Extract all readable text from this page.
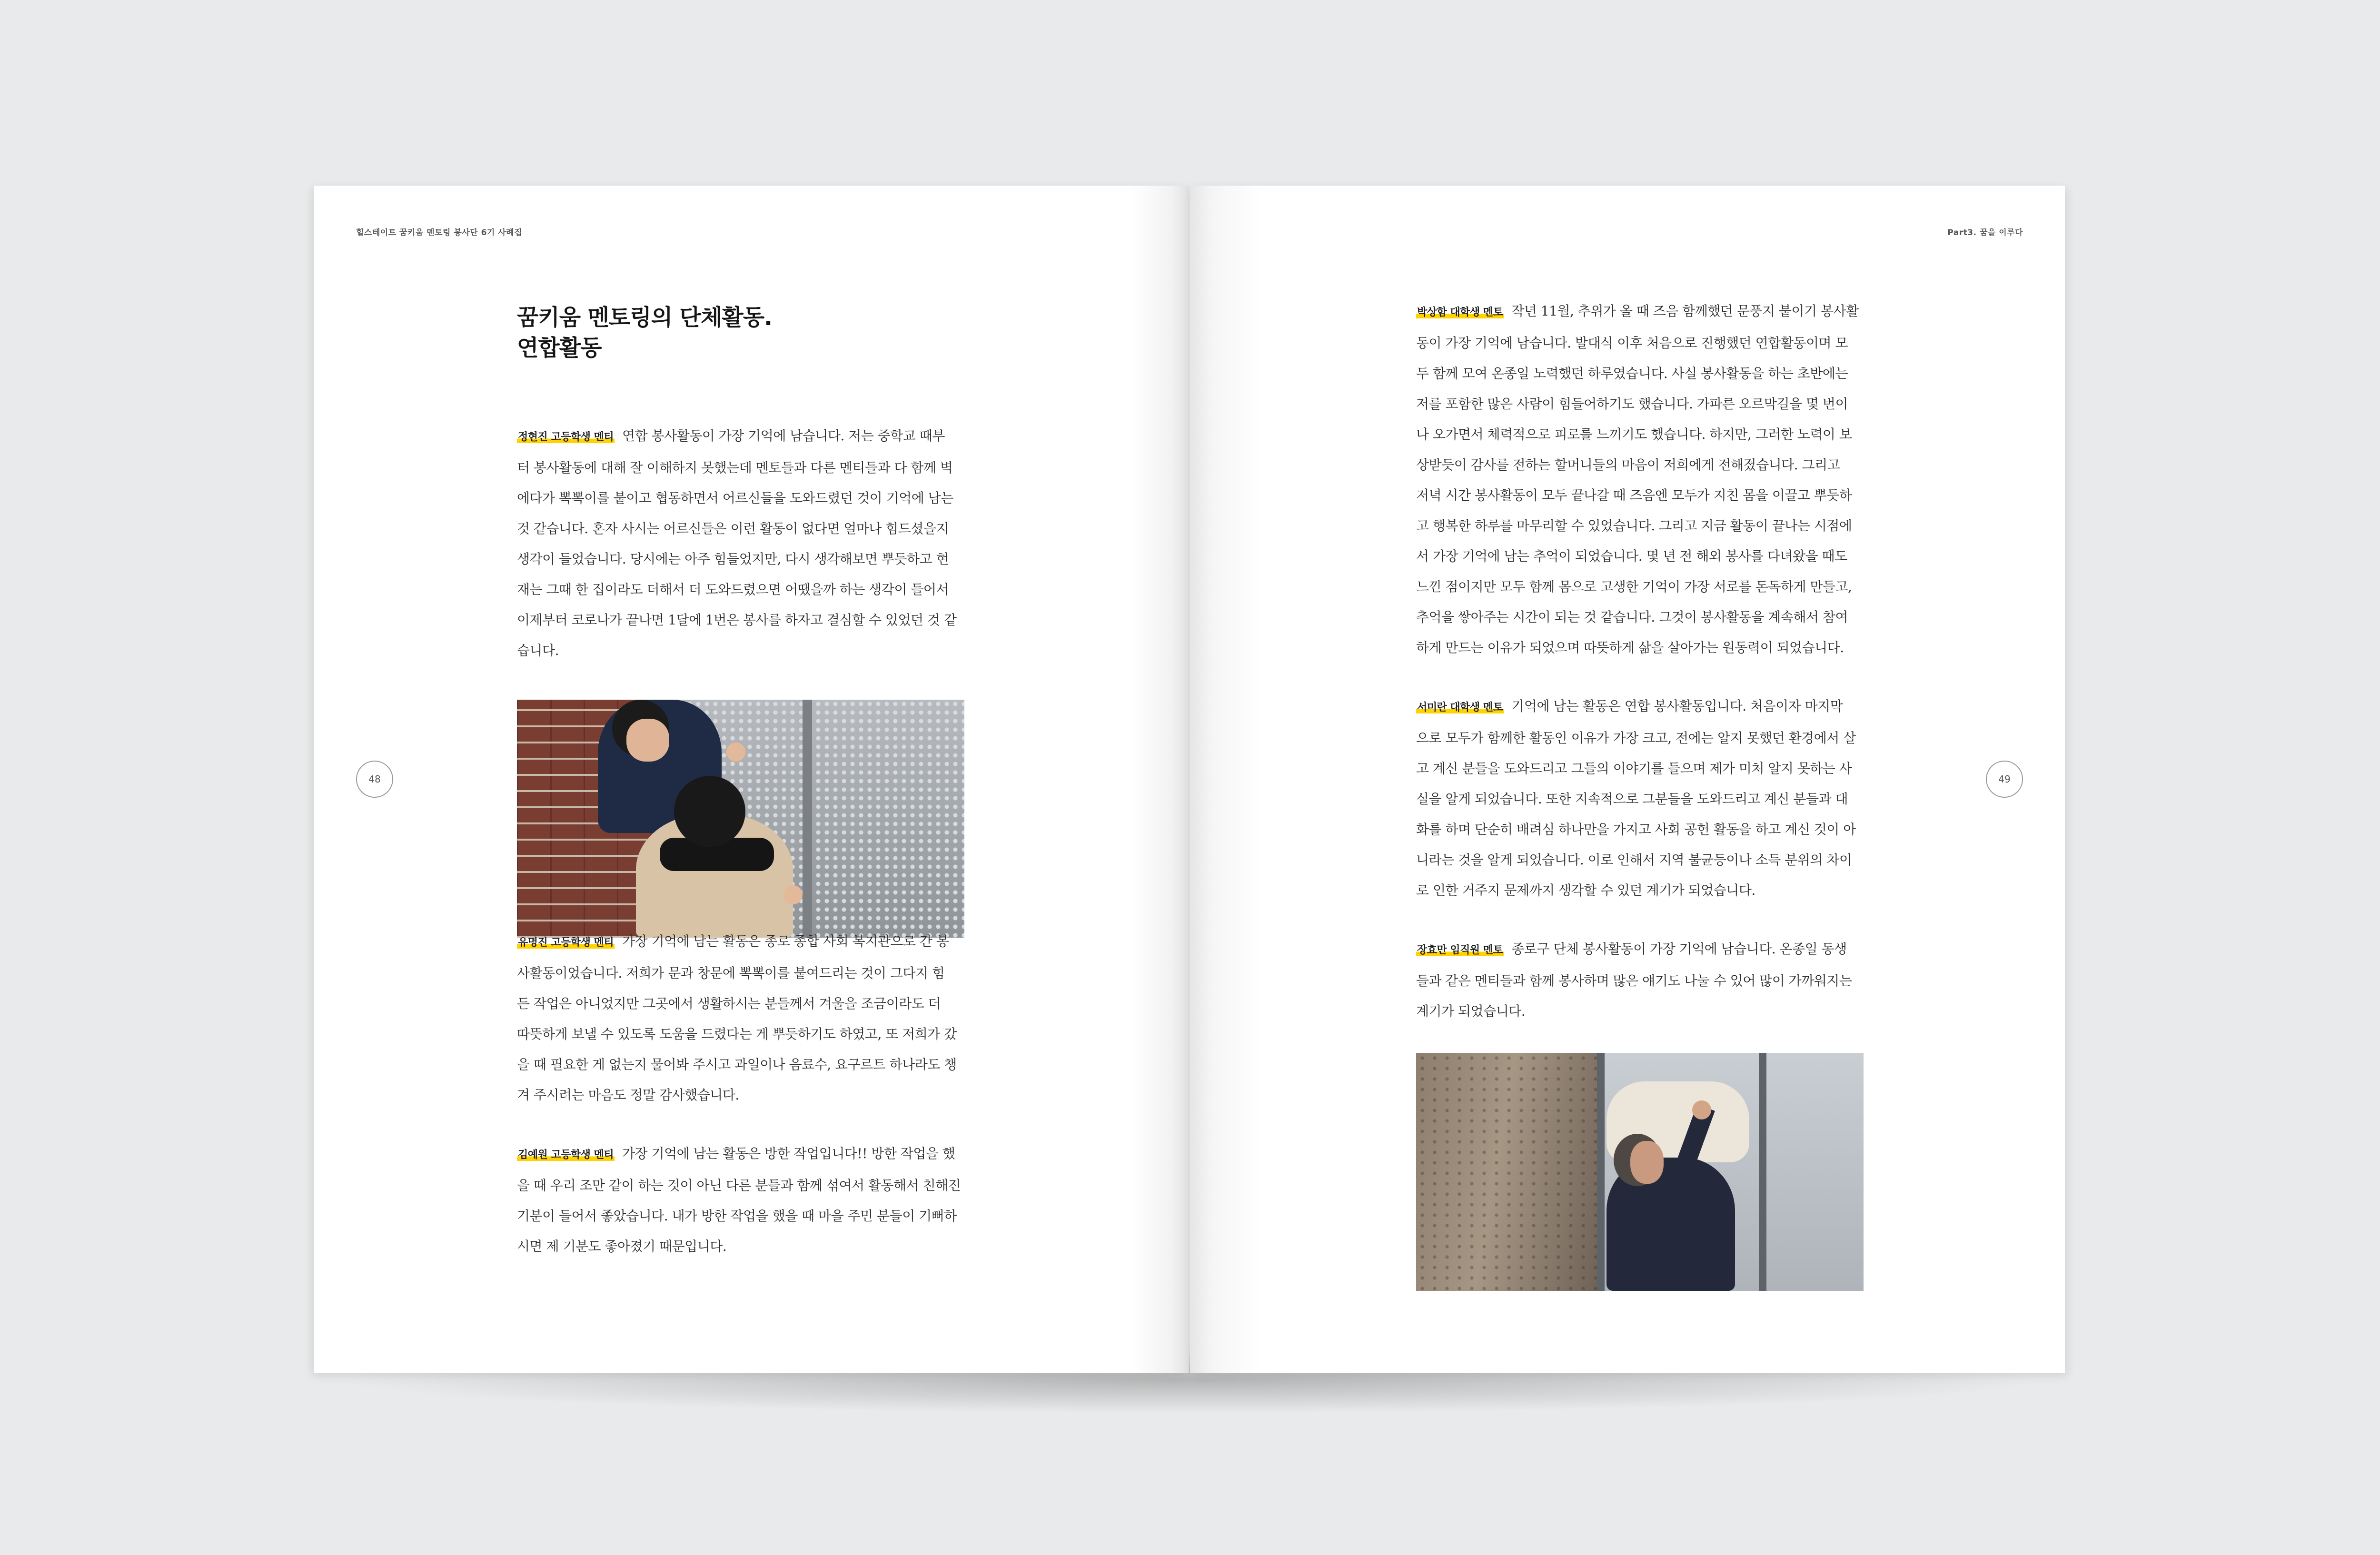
힐스테이트 꿈키움 멘토링 봉사단 6기 사례집
48
꿈키움 멘토링의 단체활동.
연합활동
정현진 고등학생 멘티 연합 봉사활동이 가장 기억에 남습니다. 저는 중학교 때부
터 봉사활동에 대해 잘 이해하지 못했는데 멘토들과 다른 멘티들과 다 함께 벽
에다가 뽁뽁이를 붙이고 협동하면서 어르신들을 도와드렸던 것이 기억에 남는
것 같습니다. 혼자 사시는 어르신들은 이런 활동이 없다면 얼마나 힘드셨을지
생각이 들었습니다. 당시에는 아주 힘들었지만, 다시 생각해보면 뿌듯하고 현
재는 그때 한 집이라도 더해서 더 도와드렸으면 어땠을까 하는 생각이 들어서
이제부터 코로나가 끝나면 1달에 1번은 봉사를 하자고 결심할 수 있었던 것 같
습니다.
유명진 고등학생 멘티 가장 기억에 남는 활동은 종로 종합 사회 복지관으로 간 봉
사활동이었습니다. 저희가 문과 창문에 뽁뽁이를 붙여드리는 것이 그다지 힘
든 작업은 아니었지만 그곳에서 생활하시는 분들께서 겨울을 조금이라도 더
따뜻하게 보낼 수 있도록 도움을 드렸다는 게 뿌듯하기도 하였고, 또 저희가 갔
을 때 필요한 게 없는지 물어봐 주시고 과일이나 음료수, 요구르트 하나라도 챙
겨 주시려는 마음도 정말 감사했습니다.
김예원 고등학생 멘티 가장 기억에 남는 활동은 방한 작업입니다!! 방한 작업을 했
을 때 우리 조만 같이 하는 것이 아닌 다른 분들과 함께 섞여서 활동해서 친해진
기분이 들어서 좋았습니다. 내가 방한 작업을 했을 때 마을 주민 분들이 기뻐하
시면 제 기분도 좋아졌기 때문입니다.
Part3. 꿈을 이루다
49
박상함 대학생 멘토 작년 11월, 추위가 올 때 즈음 함께했던 문풍지 붙이기 봉사활
동이 가장 기억에 남습니다. 발대식 이후 처음으로 진행했던 연합활동이며 모
두 함께 모여 온종일 노력했던 하루였습니다. 사실 봉사활동을 하는 초반에는
저를 포함한 많은 사람이 힘들어하기도 했습니다. 가파른 오르막길을 몇 번이
나 오가면서 체력적으로 피로를 느끼기도 했습니다. 하지만, 그러한 노력이 보
상받듯이 감사를 전하는 할머니들의 마음이 저희에게 전해졌습니다. 그리고
저녁 시간 봉사활동이 모두 끝나갈 때 즈음엔 모두가 지친 몸을 이끌고 뿌듯하
고 행복한 하루를 마무리할 수 있었습니다. 그리고 지금 활동이 끝나는 시점에
서 가장 기억에 남는 추억이 되었습니다. 몇 년 전 해외 봉사를 다녀왔을 때도
느낀 점이지만 모두 함께 몸으로 고생한 기억이 가장 서로를 돈독하게 만들고,
추억을 쌓아주는 시간이 되는 것 같습니다. 그것이 봉사활동을 계속해서 참여
하게 만드는 이유가 되었으며 따뜻하게 삶을 살아가는 원동력이 되었습니다.
서미란 대학생 멘토 기억에 남는 활동은 연합 봉사활동입니다. 처음이자 마지막
으로 모두가 함께한 활동인 이유가 가장 크고, 전에는 알지 못했던 환경에서 살
고 계신 분들을 도와드리고 그들의 이야기를 들으며 제가 미처 알지 못하는 사
실을 알게 되었습니다. 또한 지속적으로 그분들을 도와드리고 계신 분들과 대
화를 하며 단순히 배려심 하나만을 가지고 사회 공헌 활동을 하고 계신 것이 아
니라는 것을 알게 되었습니다. 이로 인해서 지역 불균등이나 소득 분위의 차이
로 인한 거주지 문제까지 생각할 수 있던 계기가 되었습니다.
장효만 임직원 멘토 종로구 단체 봉사활동이 가장 기억에 남습니다. 온종일 동생
들과 같은 멘티들과 함께 봉사하며 많은 얘기도 나눌 수 있어 많이 가까워지는
계기가 되었습니다.
